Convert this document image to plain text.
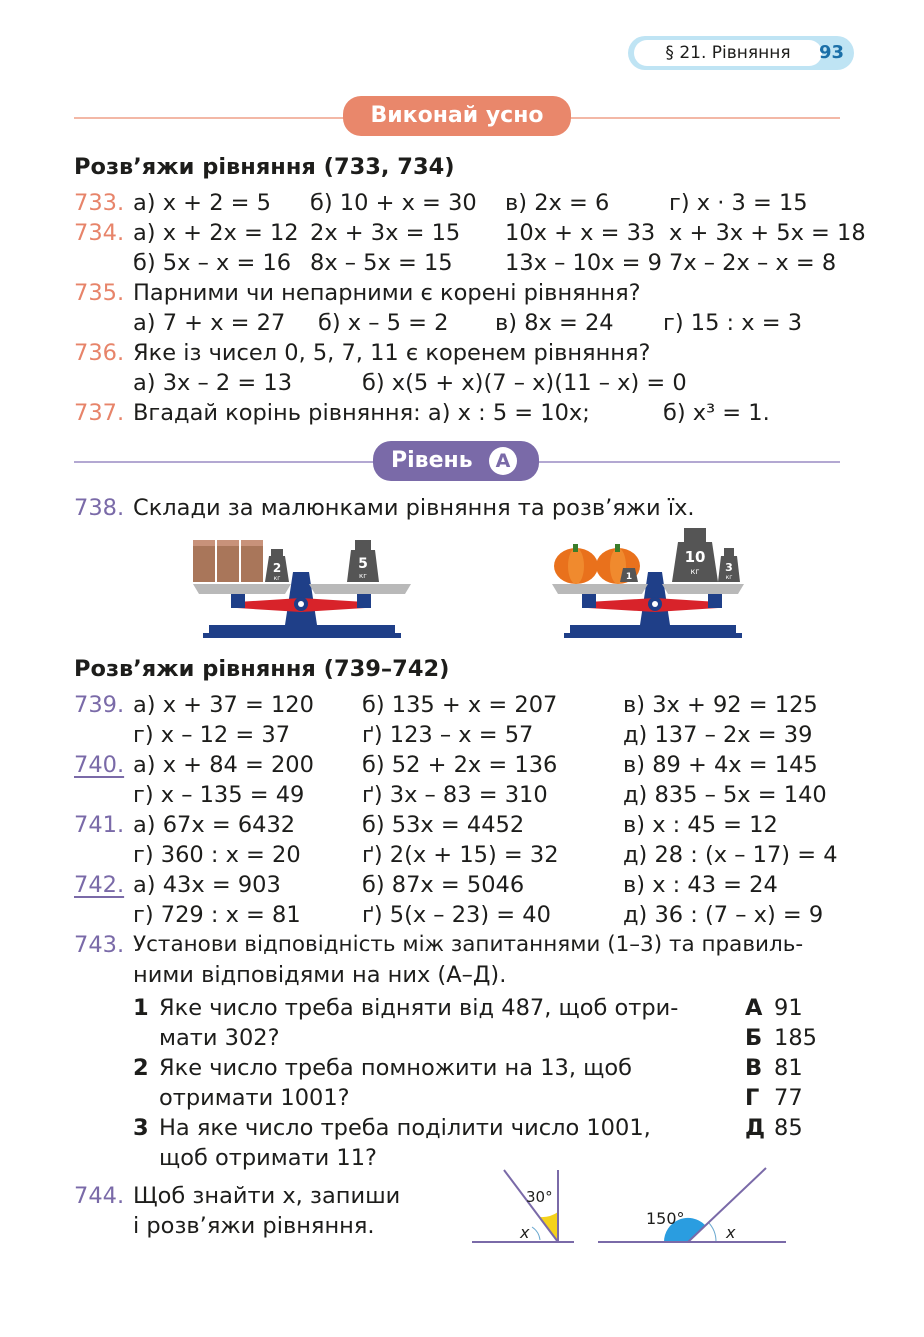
§ 21. Рівняння	93
Виконай усно
Розв’яжи рівняння (733, 734)
733. а) x + 2 = 5 б) 10 + x = 30 в) 2x = 6	г) x · 3 = 15
734. а) x + 2x = 12 2x + 3x = 15 10x + x = 33 x + 3x + 5x = 18
б) 5x – x = 16 8x – 5x = 15 13x – 10x = 9 7x – 2x – x = 8
735. Парними чи непарними є корені рівняння?
а) 7 + x = 27 б) x – 5 = 2 в) 8x = 24 г) 15 : x = 3
736. Яке із чисел 0, 5, 7, 11 є коренем рівняння?
а) 3x – 2 = 13	б) x(5 + x)(7 – x)(11 – x) = 0
737. Вгадай корінь рівняння: а) x : 5 = 10x;	б) x³ = 1.
Рівень	А
738. Склади за малюнками рівняння та розв’яжи їх.
2
кг
5
кг	1
10
кг 3
кг
Розв’яжи рівняння (739–742)
739. а) x + 37 = 120 б) 135 + x = 207	в) 3x + 92 = 125
г) x – 12 = 37	ґ) 123 – x = 57	д) 137 – 2x = 39
740. а) x + 84 = 200 б) 52 + 2x = 136	в) 89 + 4x = 145
г) x – 135 = 49	ґ) 3x – 83 = 310	д) 835 – 5x = 140
741. а) 67x = 6432	б) 53x = 4452	в) x : 45 = 12
г) 360 : x = 20	ґ) 2(x + 15) = 32	д) 28 : (x – 17) = 4
742. а) 43x = 903	б) 87x = 5046	в) x : 43 = 24
г) 729 : x = 81	ґ) 5(x – 23) = 40	д) 36 : (7 – x) = 9
743. Установи відповідність між запитаннями (1–3) та правиль-
ними відповідями на них (А–Д).
1 Яке число треба відняти від 487, щоб отри-
мати 302?
2 Яке число треба помножити на 13, щоб
отримати 1001?
3 На яке число треба поділити число 1001,
щоб отримати 11?
А 91
Б 185
В 81
Г 77
Д 85
744. Щоб знайти x, запиши
і розв’яжи рівняння.
30°
x
150°
x
